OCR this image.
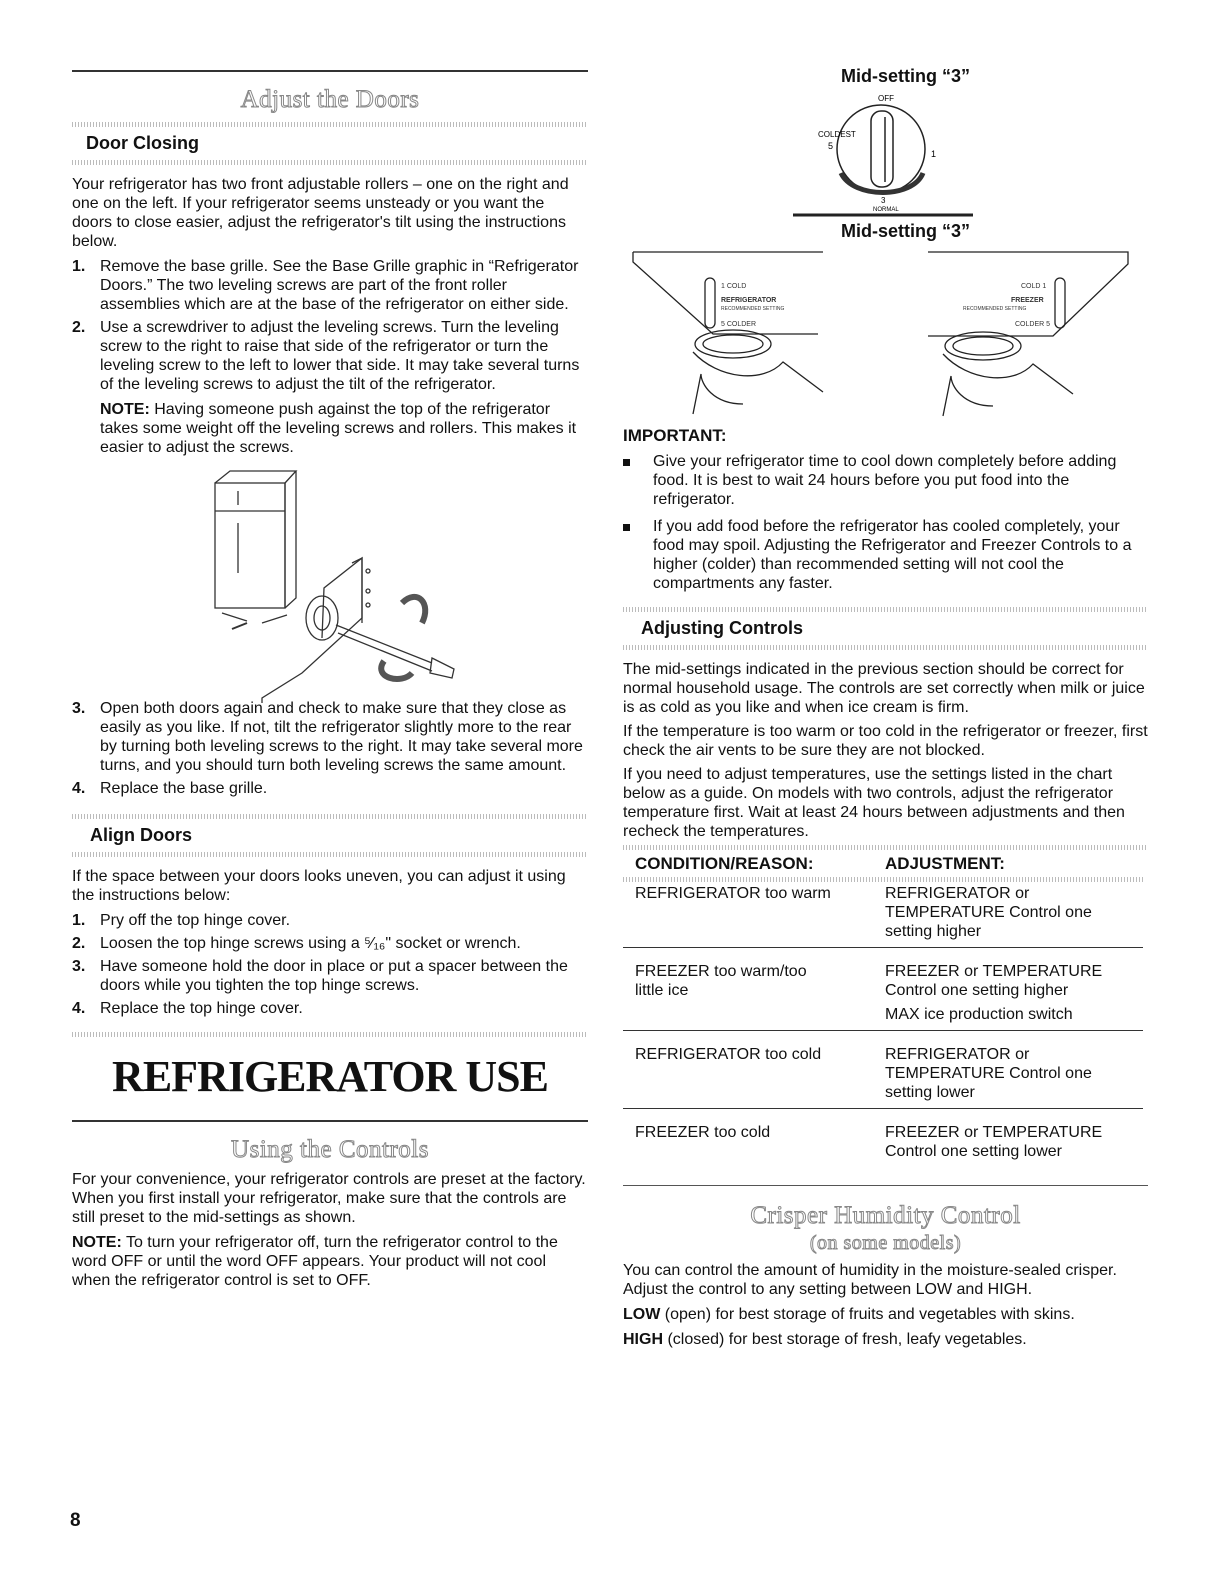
Adjust the Doors
Door Closing

Your refrigerator has two front adjustable rollers – one on the right and one on the left. If your refrigerator seems unsteady or you want the doors to close easier, adjust the refrigerator's tilt using the instructions below.

1. Remove the base grille. See the Base Grille graphic in “Refrigerator Doors.” The two leveling screws are part of the front roller assemblies which are at the base of the refrigerator on either side.
2. Use a screwdriver to adjust the leveling screws. Turn the leveling screw to the right to raise that side of the refrigerator or turn the leveling screw to the left to lower that side. It may take several turns of the leveling screws to adjust the tilt of the refrigerator.

NOTE: Having someone push against the top of the refrigerator takes some weight off the leveling screws and rollers. This makes it easier to adjust the screws.

3. Open both doors again and check to make sure that they close as easily as you like. If not, tilt the refrigerator slightly more to the rear by turning both leveling screws to the right. It may take several more turns, and you should turn both leveling screws the same amount.
4. Replace the base grille.
Align Doors

If the space between your doors looks uneven, you can adjust it using the instructions below:

1. Pry off the top hinge cover.
2. Loosen the top hinge screws using a ⁵⁄₁₆" socket or wrench.
3. Have someone hold the door in place or put a spacer between the doors while you tighten the top hinge screws.
4. Replace the top hinge cover.
REFRIGERATOR USE
Using the Controls

For your convenience, your refrigerator controls are preset at the factory. When you first install your refrigerator, make sure that the controls are still preset to the mid-settings as shown.

NOTE: To turn your refrigerator off, turn the refrigerator control to the word OFF or until the word OFF appears. Your product will not cool when the refrigerator control is set to OFF.

Mid-setting “3”
OFF
COLDEST
5
1
3
NORMAL
Mid-setting “3”
1 COLD
REFRIGERATOR
RECOMMENDED SETTING
5 COLDER
COLD 1
FREEZER
RECOMMENDED SETTING
COLDER 5
IMPORTANT:
Give your refrigerator time to cool down completely before adding food. It is best to wait 24 hours before you put food into the refrigerator.
If you add food before the refrigerator has cooled completely, your food may spoil. Adjusting the Refrigerator and Freezer Controls to a higher (colder) than recommended setting will not cool the compartments any faster.
Adjusting Controls

The mid-settings indicated in the previous section should be correct for normal household usage. The controls are set correctly when milk or juice is as cold as you like and when ice cream is firm.

If the temperature is too warm or too cold in the refrigerator or freezer, first check the air vents to be sure they are not blocked.

If you need to adjust temperatures, use the settings listed in the chart below as a guide. On models with two controls, adjust the refrigerator temperature first. Wait at least 24 hours between adjustments and then recheck the temperatures.

CONDITION/REASON:	ADJUSTMENT:

REFRIGERATOR too warm	REFRIGERATOR or TEMPERATURE Control one setting higher

FREEZER too warm/too little ice	FREEZER or TEMPERATURE Control one setting higher
MAX ice production switch

REFRIGERATOR too cold	REFRIGERATOR or TEMPERATURE Control one setting lower

FREEZER too cold	FREEZER or TEMPERATURE Control one setting lower
Crisper Humidity Control
(on some models)

You can control the amount of humidity in the moisture-sealed crisper. Adjust the control to any setting between LOW and HIGH.

LOW (open) for best storage of fruits and vegetables with skins.

HIGH (closed) for best storage of fresh, leafy vegetables.

8
